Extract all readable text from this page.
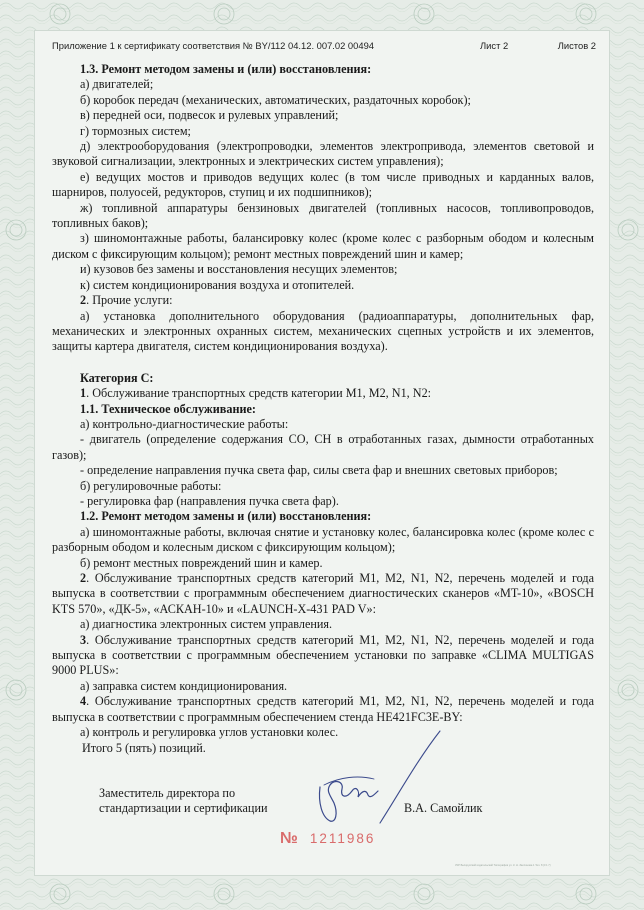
Приложение 1 к сертификату соответствия № BY/112 04.12. 007.02 00494	Лист 2	Листов 2

1.3. Ремонт методом замены и (или) восстановления:

а) двигателей;

б) коробок передач (механических, автоматических, раздаточных коробок);

в) передней оси, подвесок и рулевых управлений;

г) тормозных систем;

д) электрооборудования (электропроводки, элементов электропривода, элементов световой и звуковой сигнализации, электронных и электрических систем управления);

е) ведущих мостов и приводов ведущих колес (в том числе приводных и карданных валов, шарниров, полуосей, редукторов, ступиц и их подшипников);

ж) топливной аппаратуры бензиновых двигателей (топливных насосов, топливопроводов, топливных баков);

з) шиномонтажные работы, балансировку колес (кроме колес с разборным ободом и колесным диском с фиксирующим кольцом); ремонт местных повреждений шин и камер;

и) кузовов без замены и восстановления несущих элементов;

к) систем кондиционирования воздуха и отопителей.

2. Прочие услуги:

а) установка дополнительного оборудования (радиоаппаратуры, дополнительных фар, механических и электронных охранных систем, механических сцепных устройств и их элементов, защиты картера двигателя, систем кондиционирования воздуха).

Категория С:

1. Обслуживание транспортных средств категории M1, M2, N1, N2:

1.1. Техническое обслуживание:

а) контрольно-диагностические работы:

- двигатель (определение содержания СО, СН в отработанных газах, дымности отработанных газов);

- определение направления пучка света фар, силы света фар и внешних световых приборов;

б) регулировочные работы:

- регулировка фар (направления пучка света фар).

1.2. Ремонт методом замены и (или) восстановления:

а) шиномонтажные работы, включая снятие и установку колес, балансировка колес (кроме колес с разборным ободом и колесным диском с фиксирующим кольцом);

б) ремонт местных повреждений шин и камер.

2. Обслуживание транспортных средств категорий M1, M2, N1, N2, перечень моделей и года выпуска в соответствии с программным обеспечением диагностических сканеров «MT-10», «BOSCH KTS 570», «ДК-5», «АСКАН-10» и «LAUNCH-X-431 PAD V»:

а) диагностика электронных систем управления.

3. Обслуживание транспортных средств категорий M1, M2, N1, N2, перечень моделей и года выпуска в соответствии с программным обеспечением установки по заправке «CLIMA MULTIGAS 9000 PLUS»:

а) заправка систем кондиционирования.

4. Обслуживание транспортных средств категорий M1, M2, N1, N2, перечень моделей и года выпуска в соответствии с программным обеспечением стенда HE421FC3E-BY:

а) контроль и регулировка углов установки колес.

Итого 5 (пять) позиций.
Заместитель директора по
стандартизации и сертификации	В.А. Самойлик
№ 1211986
УКР Белорусский издательский Типография ул. К. Н. Заслонова 1 Тел. 8 (0 1 7)
